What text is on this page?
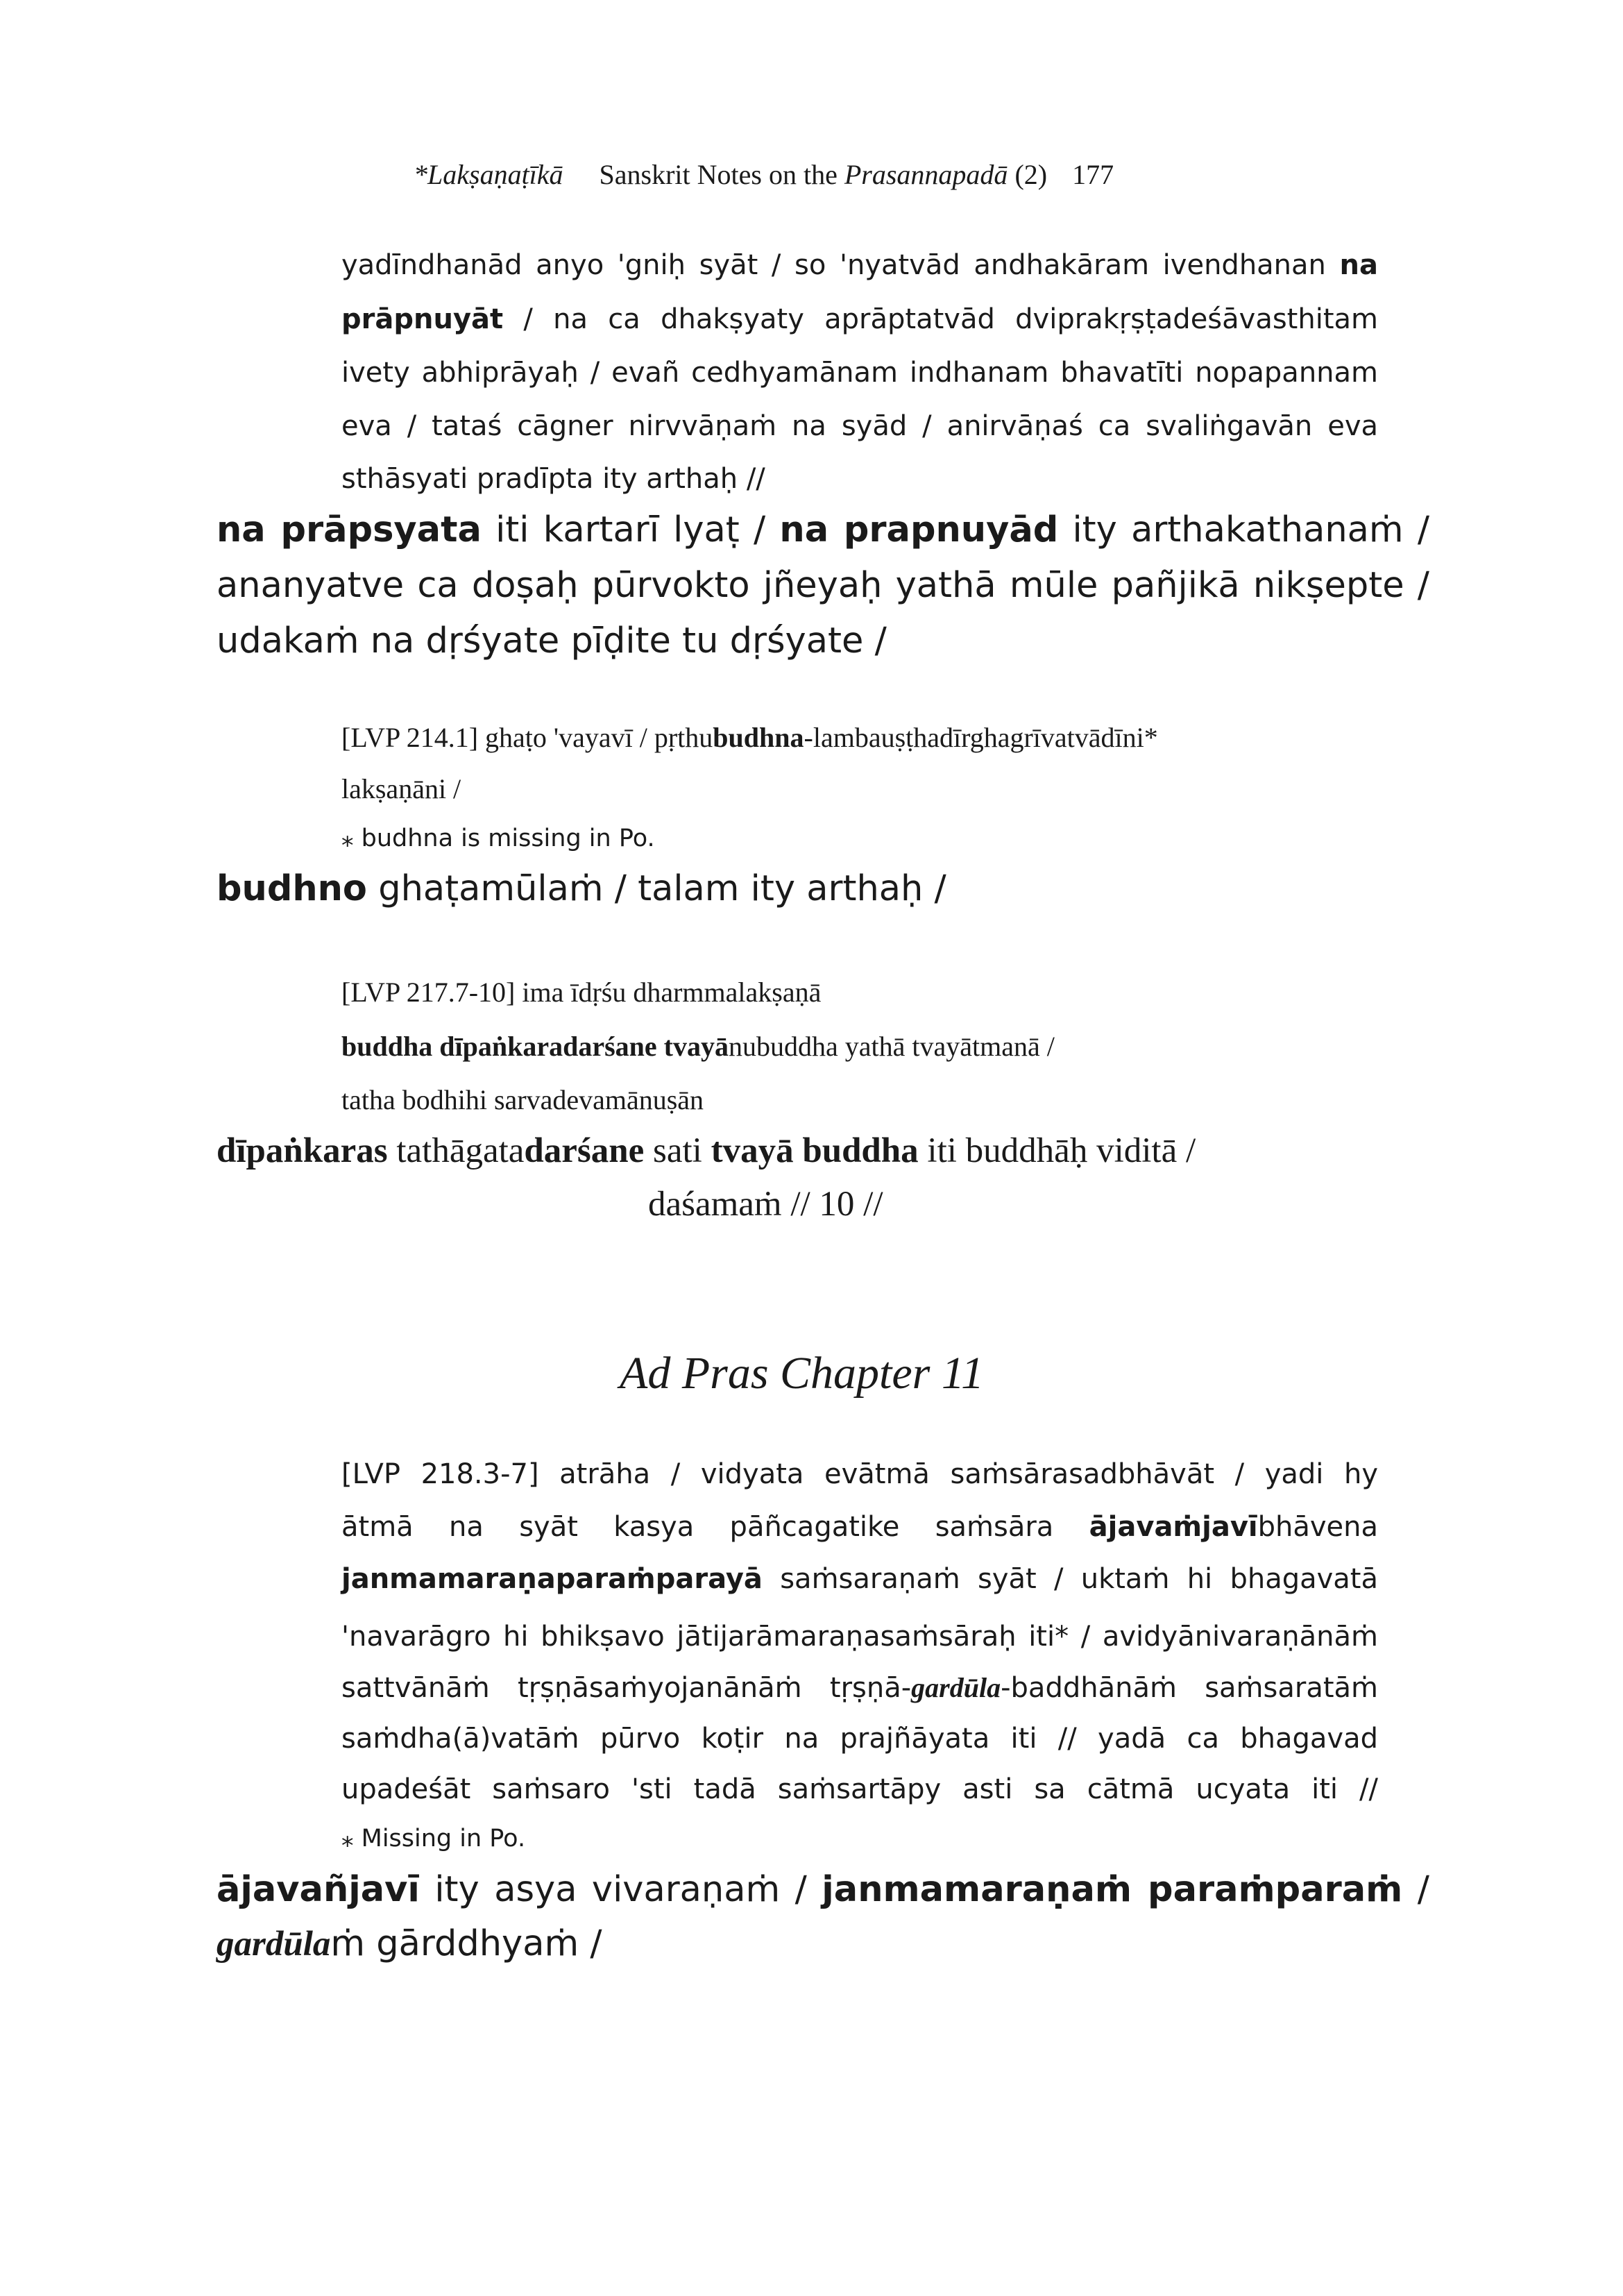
*Lakṣaṇaṭīkā Sanskrit Notes on the Prasannapadā (2) 177
yadīndhanād anyo 'gniḥ syāt / so 'nyatvād andhakāram ivendhanan na
prāpnuyāt / na ca dhakṣyaty aprāptatvād dviprakṛṣṭadeśāvasthitam
ivety abhiprāyaḥ / evañ cedhyamānam indhanam bhavatīti nopapannam
eva / tataś cāgner nirvvāṇaṁ na syād / anirvāṇaś ca svaliṅgavān eva
sthāsyati pradīpta ity arthaḥ //
na prāpsyata iti kartarī lyaṭ / na prapnuyād ity arthakathanaṁ /
ananyatve ca doṣaḥ pūrvokto jñeyaḥ yathā mūle pañjikā nikṣepte /
udakaṁ na dṛśyate pīḍite tu dṛśyate /
[LVP 214.1] ghaṭo 'vayavī / pṛthubudhna-lambauṣṭhadīrghagrīvatvādīni*
lakṣaṇāni /
⁎ budhna is missing in Po.
budhno ghaṭamūlaṁ / talam ity arthaḥ /
[LVP 217.7-10] ima īdṛśu dharmmalakṣaṇā
buddha dīpaṅkaradarśane tvayānubuddha yathā tvayātmanā /
tatha bodhihi sarvadevamānuṣān
dīpaṅkaras tathāgatadarśane sati tvayā buddha iti buddhāḥ viditā /
daśamaṁ // 10 //
Ad Pras Chapter 11
[LVP 218.3-7] atrāha / vidyata evātmā saṁsārasadbhāvāt / yadi hy
ātmā na syāt kasya pāñcagatike saṁsāra ājavaṁjavībhāvena
janmamaraṇaparaṁparayā saṁsaraṇaṁ syāt / uktaṁ hi bhagavatā
'navarāgro hi bhikṣavo jātijarāmaraṇasaṁsāraḥ iti* / avidyānivaraṇānāṁ
sattvānāṁ tṛṣṇāsaṁyojanānāṁ tṛṣṇā-gardūla-baddhānāṁ saṁsaratāṁ
saṁdha(ā)vatāṁ pūrvo koṭir na prajñāyata iti // yadā ca bhagavad
upadeśāt saṁsaro 'sti tadā saṁsartāpy asti sa cātmā ucyata iti //
⁎ Missing in Po.
ājavañjavī ity asya vivaraṇaṁ / janmamaraṇaṁ paraṁparaṁ /
gardūlaṁ gārddhyaṁ /
